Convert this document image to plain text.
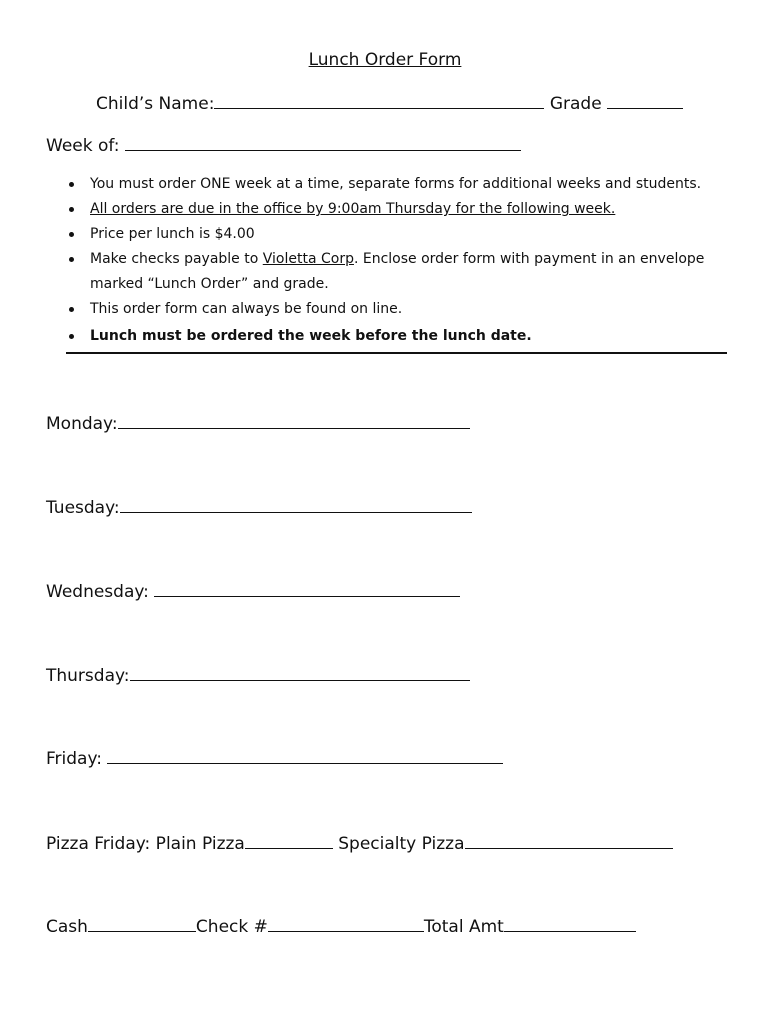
Lunch Order Form
Child’s Name:	Grade
Week of:
You must order ONE week at a time, separate forms for additional weeks and students.
All orders are due in the office by 9:00am Thursday for the following week.
Price per lunch is $4.00
Make checks payable to Violetta Corp. Enclose order form with payment in an envelope
marked “Lunch Order” and grade.
This order form can always be found on line.
Lunch must be ordered the week before the lunch date.
Monday:
Tuesday:
Wednesday:
Thursday:
Friday:
Pizza Friday: Plain Pizza	Specialty Pizza
Cash	Check #	Total Amt
